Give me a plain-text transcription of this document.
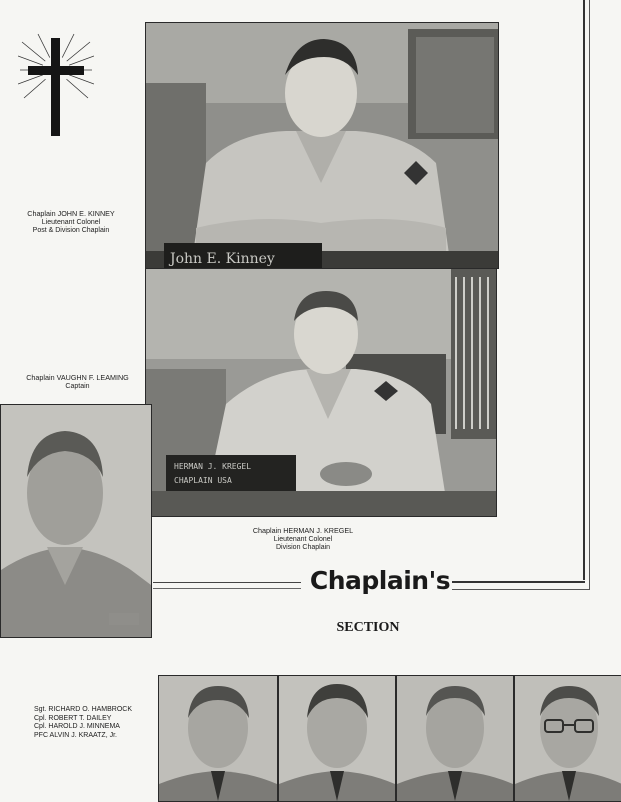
John E. Kinney
HERMAN J. KREGEL
CHAPLAIN USA
Chaplain JOHN E. KINNEY
Lieutenant Colonel
Post & Division Chaplain
Chaplain VAUGHN F. LEAMING
Captain
Chaplain HERMAN J. KREGEL
Lieutenant Colonel
Division Chaplain
Chaplain's
SECTION
Sgt. RICHARD O. HAMBROCK
Cpl. ROBERT T. DAILEY
Cpl. HAROLD J. MINNEMA
PFC ALVIN J. KRAATZ, Jr.
